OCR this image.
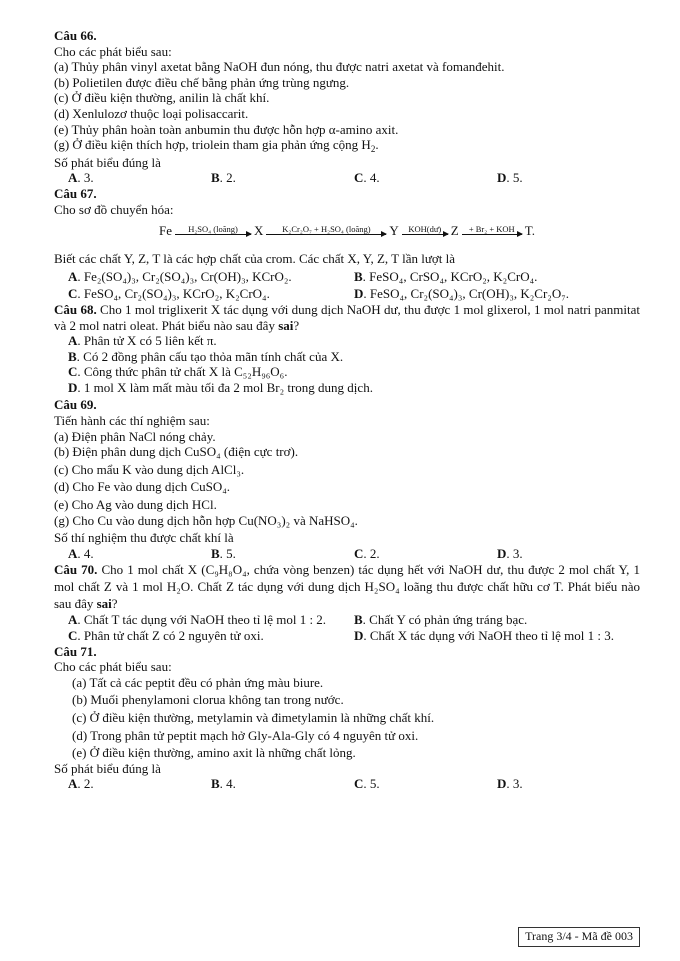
Câu 66.
Cho các phát biểu sau:
(a) Thủy phân vinyl axetat bằng NaOH đun nóng, thu được natri axetat và fomanđehit.
(b) Polietilen được điều chế bằng phản ứng trùng ngưng.
(c) Ở điều kiện thường, anilin là chất khí.
(d) Xenlulozơ thuộc loại polisaccarit.
(e) Thủy phân hoàn toàn anbumin thu được hỗn hợp α-amino axit.
(g) Ở điều kiện thích hợp, triolein tham gia phản ứng cộng $H_2$.
Số phát biểu đúng là
A. 3.	B. 2.	C. 4.	D. 5.
Câu 67.
Cho sơ đồ chuyển hóa:
Fe	H₂SO₄ (loãng)	X	K₂Cr₂O₇ + H₂SO₄ (loãng)	Y	KOH(dư) Z	+ Br₂ + KOH T.
Biết các chất Y, Z, T là các hợp chất của crom. Các chất X, Y, Z, T lần lượt là
A. Fe₂(SO₄)₃, Cr₂(SO₄)₃, Cr(OH)₃, KCrO₂.	B. FeSO₄, CrSO₄, KCrO₂, K₂CrO₄.
C. FeSO₄, Cr₂(SO₄)₃, KCrO₂, K₂CrO₄.	D. FeSO₄, Cr₂(SO₄)₃, Cr(OH)₃, K₂Cr₂O₇.
Câu 68. Cho 1 mol triglixerit X tác dụng với dung dịch NaOH dư, thu được 1 mol glixerol, 1 mol natri panmitat và 2 mol natri oleat. Phát biểu nào sau đây sai?
A. Phân tử X có 5 liên kết π.
B. Có 2 đồng phân cấu tạo thỏa mãn tính chất của X.
C. Công thức phân tử chất X là C₅₂H₉₆O₆.
D. 1 mol X làm mất màu tối đa 2 mol Br₂ trong dung dịch.
Câu 69.
Tiến hành các thí nghiệm sau:
(a) Điện phân NaCl nóng chảy.
(b) Điện phân dung dịch CuSO₄ (điện cực trơ).
(c) Cho mẩu K vào dung dịch AlCl₃.
(d) Cho Fe vào dung dịch CuSO₄.
(e) Cho Ag vào dung dịch HCl.
(g) Cho Cu vào dung dịch hỗn hợp Cu(NO₃)₂ và NaHSO₄.
Số thí nghiệm thu được chất khí là
A. 4.	B. 5.	C. 2.	D. 3.
Câu 70. Cho 1 mol chất X (C₉H₈O₄, chứa vòng benzen) tác dụng hết với NaOH dư, thu được 2 mol chất Y, 1 mol chất Z và 1 mol H₂O. Chất Z tác dụng với dung dịch H₂SO₄ loãng thu được chất hữu cơ T. Phát biểu nào sau đây sai?
A. Chất T tác dụng với NaOH theo tỉ lệ mol 1 : 2.	B. Chất Y có phản ứng tráng bạc.
C. Phân tử chất Z có 2 nguyên tử oxi.	D. Chất X tác dụng với NaOH theo tỉ lệ mol 1 : 3.
Câu 71.
Cho các phát biểu sau:
(a) Tất cả các peptit đều có phản ứng màu biure.
(b) Muối phenylamoni clorua không tan trong nước.
(c) Ở điều kiện thường, metylamin và đimetylamin là những chất khí.
(d) Trong phân tử peptit mạch hở Gly-Ala-Gly có 4 nguyên tử oxi.
(e) Ở điều kiện thường, amino axit là những chất lỏng.
Số phát biểu đúng là
A. 2.	B. 4.	C. 5.	D. 3.
Trang 3/4 - Mã đề 003
